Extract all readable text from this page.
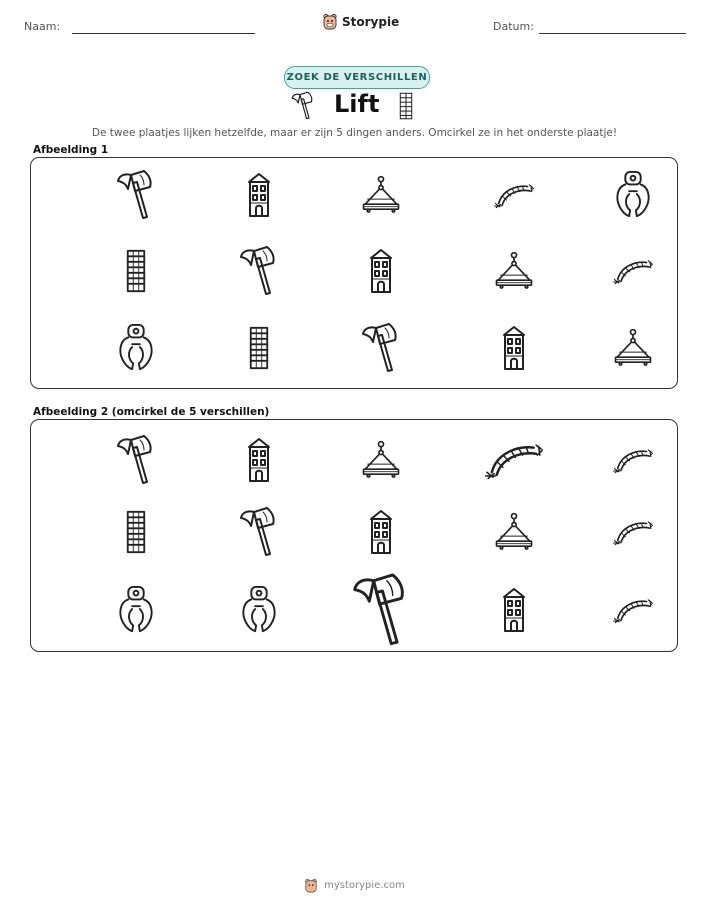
Naam:	Storypie	Datum:
ZOEK DE VERSCHILLEN
Lift
De twee plaatjes lijken hetzelfde, maar er zijn 5 dingen anders. Omcirkel ze in het onderste plaatje!
Afbeelding 1
Afbeelding 2 (omcirkel de 5 verschillen)
mystorypie.com
